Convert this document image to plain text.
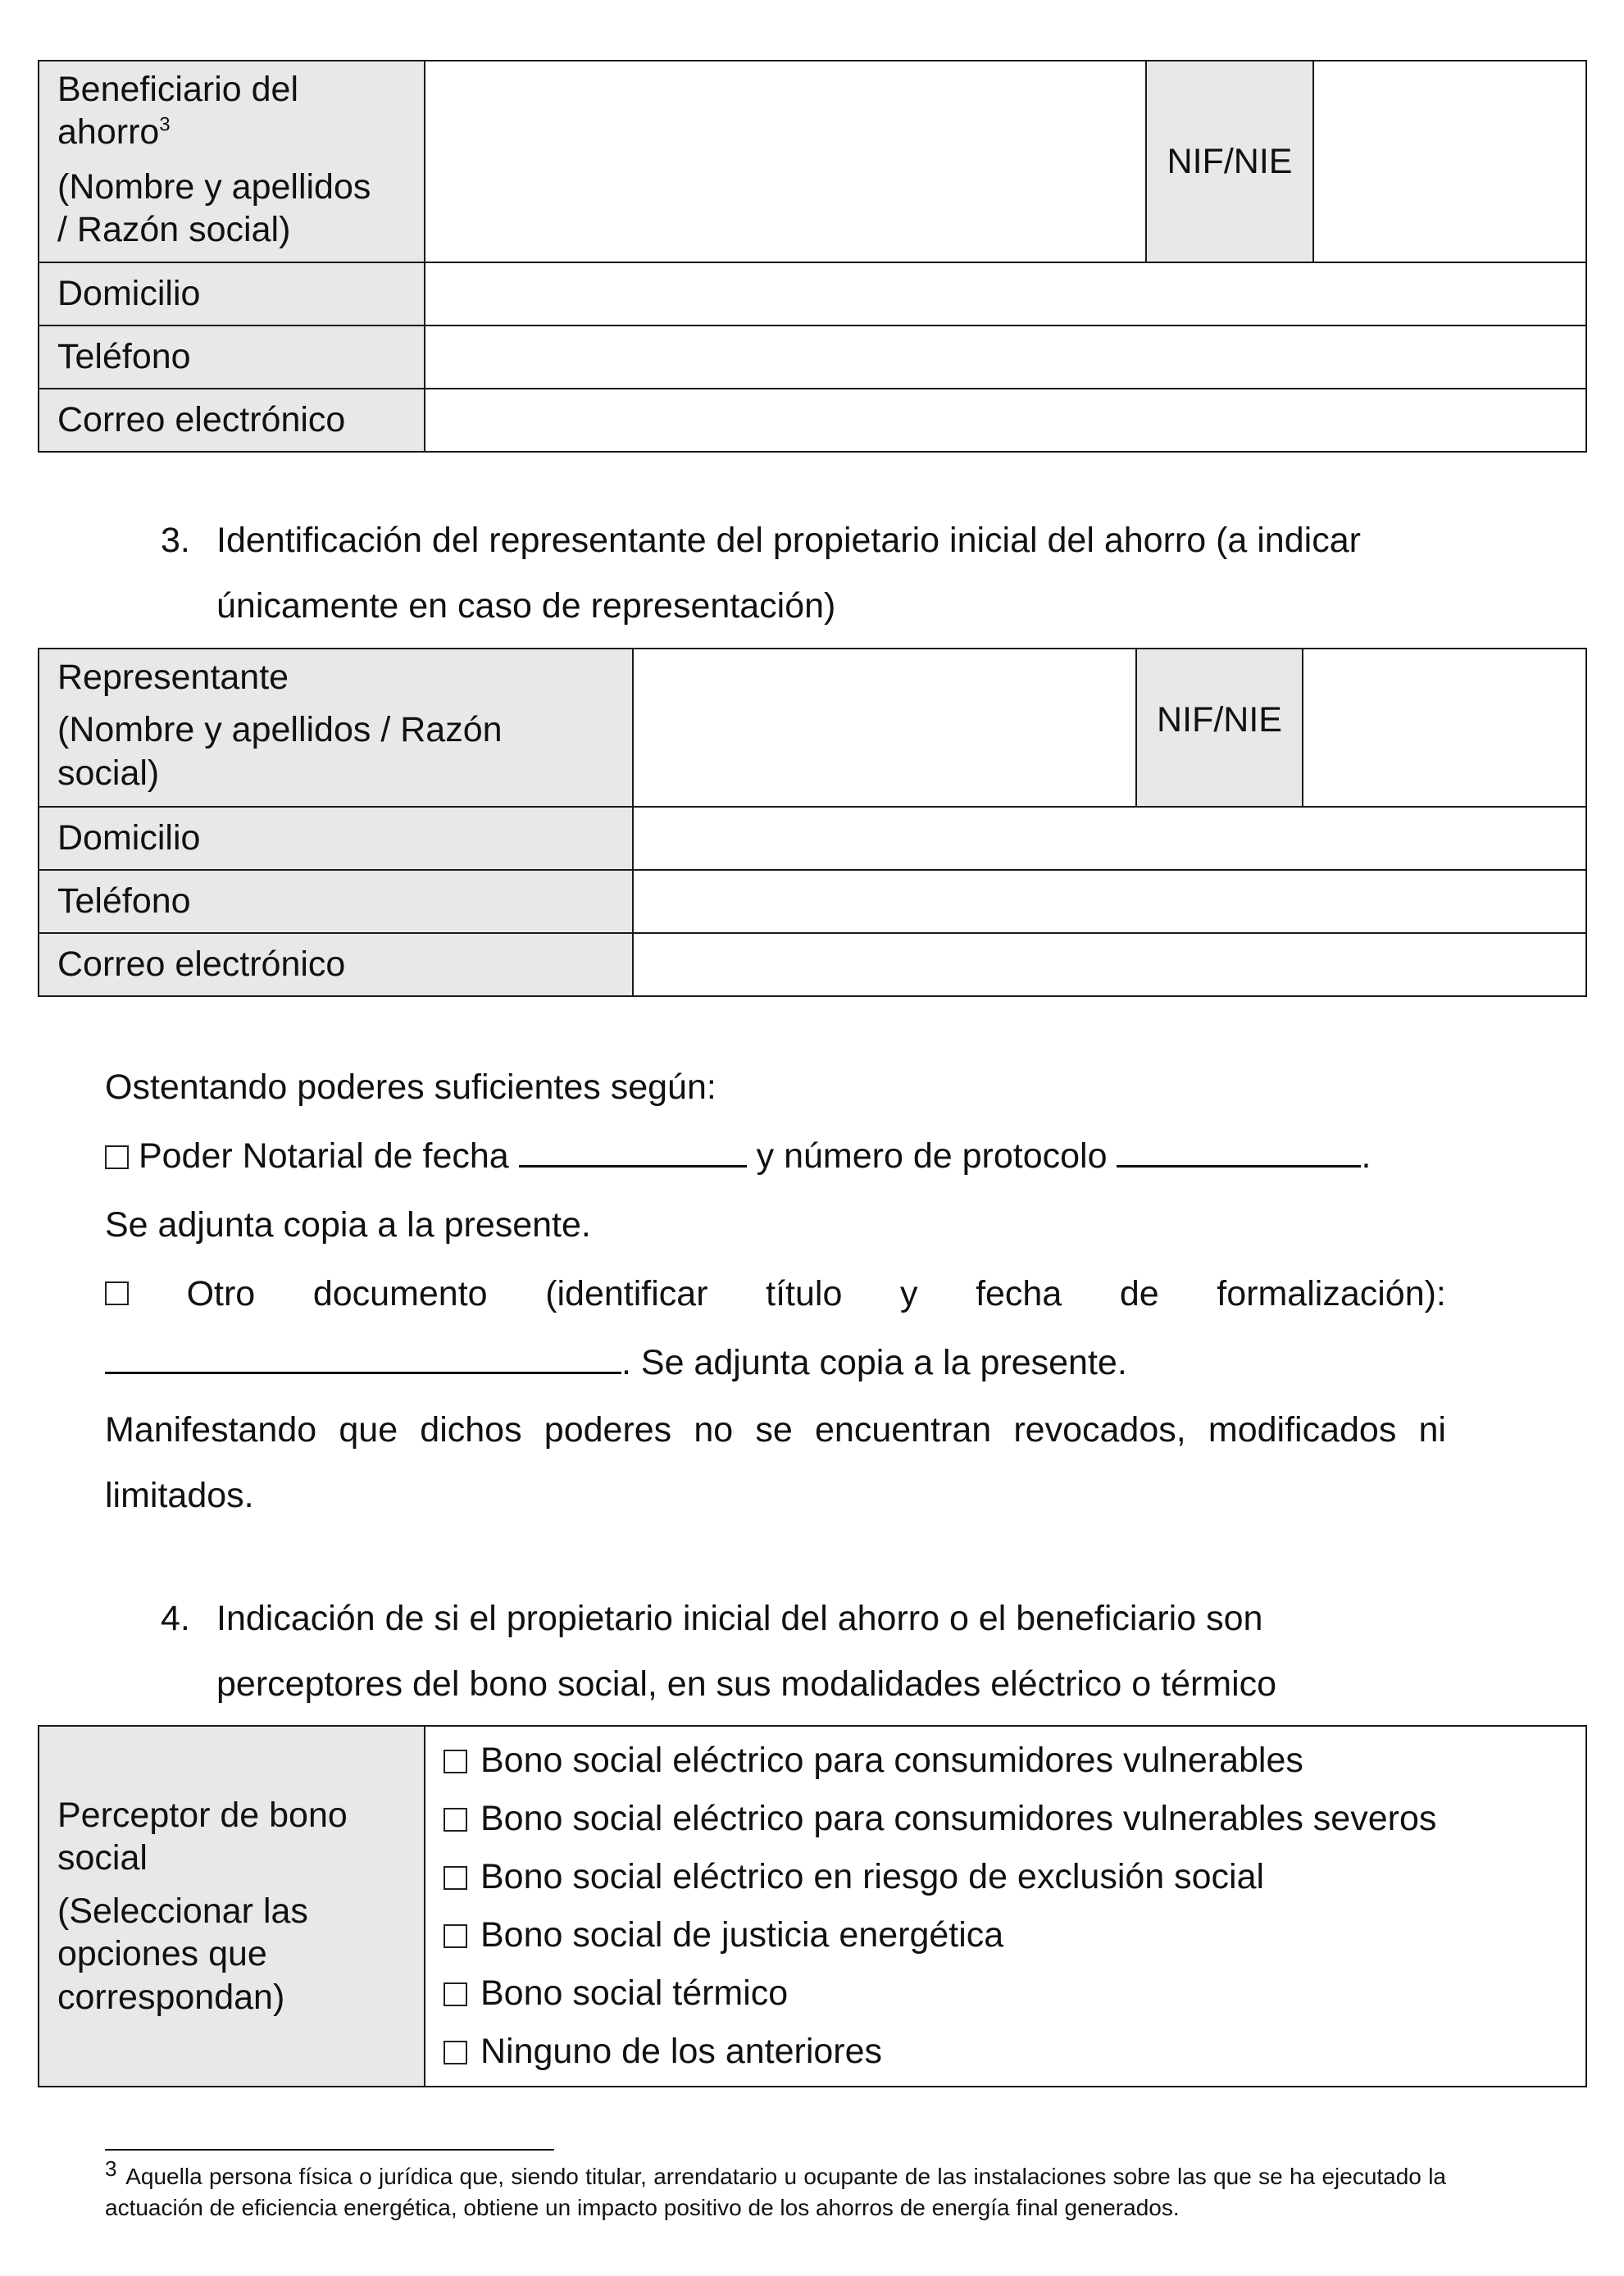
Beneficiario del
ahorro$^3$
(Nombre y apellidos
/ Razón social)		NIF/NIE	
Domicilio			
Teléfono			
Correo electrónico			
3. Identificación del representante del propietario inicial del ahorro (a indicar
únicamente en caso de representación)
Representante
(Nombre y apellidos / Razón
social)		NIF/NIE	
Domicilio			
Teléfono			
Correo electrónico			
Ostentando poderes suficientes según:
Poder Notarial de fecha	y número de protocolo	.
Se adjunta copia a la presente.
Otro documento (identificar título y fecha de formalización):
. Se adjunta copia a la presente.
Manifestando que dichos poderes no se encuentran revocados, modificados ni limitados.
4. Indicación de si el propietario inicial del ahorro o el beneficiario son
perceptores del bono social, en sus modalidades eléctrico o térmico
Perceptor de bono
social
(Seleccionar las
opciones que
correspondan)

Bono social eléctrico para consumidores vulnerables
Bono social eléctrico para consumidores vulnerables severos
Bono social eléctrico en riesgo de exclusión social
Bono social de justicia energética
Bono social térmico
Ninguno de los anteriores
3 Aquella persona física o jurídica que, siendo titular, arrendatario u ocupante de las instalaciones sobre las que se ha ejecutado la actuación de eficiencia energética, obtiene un impacto positivo de los ahorros de energía final generados.
